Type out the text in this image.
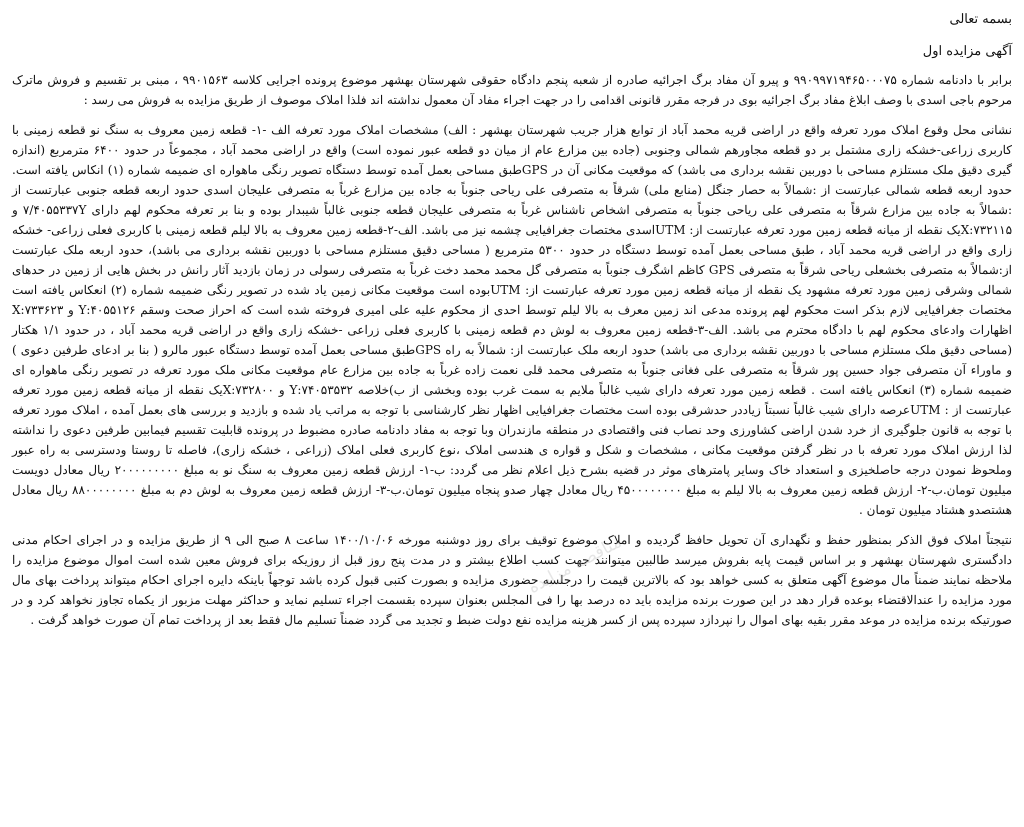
بسمه تعالی
آگهی مزایده اول

برابر با دادنامه شماره ۹۹۰۹۹۷۱۹۴۶۵۰۰۰۷۵ و پیرو آن مفاد برگ اجرائیه صادره از شعبه پنجم دادگاه حقوقی شهرستان بهشهر موضوع پرونده اجرایی کلاسه ۹۹۰۱۵۶۳ ، مبنی بر تقسیم و فروش ماترک مرحوم باجی اسدی با وصف ابلاغ مفاد برگ اجرائیه بوی در فرجه مقرر قانونی اقدامی را در جهت اجراء مفاد آن معمول نداشته اند فلذا املاک موصوف از طریق مزایده به فروش می رسد :

نشانی محل وقوع املاک مورد تعرفه واقع در اراضی قریه محمد آباد از توابع هزار جریب شهرستان بهشهر : الف) مشخصات املاک مورد تعرفه الف -۱- قطعه زمین معروف به سنگ نو قطعه زمینی با کاربری زراعی-خشکه زاری مشتمل بر دو قطعه مجاورهم شمالی وجنوبی (جاده بین مزارع عام از میان دو قطعه عبور نموده است) واقع در اراضی محمد آباد ، مجموعاً در حدود ۶۴۰۰ مترمربع (اندازه گیری دقیق ملک مستلزم مساحی با دوربین نقشه برداری می باشد) که موقعیت مکانی آن در GPSطبق مساحی بعمل آمده توسط دستگاه تصویر رنگی ماهواره ای ضمیمه شماره (۱) انکاس یافته است. حدود اربعه قطعه شمالی عبارتست از :شمالاً به حصار جنگل (منابع ملی) شرقاً به متصرفی علی ریاحی جنوباً به جاده بین مزارع غرباً به متصرفی علیجان اسدی حدود اربعه قطعه جنوبی عبارتست از :شمالاً به جاده بین مزارع شرقاً به متصرفی علی ریاحی جنوباً به متصرفی اشخاص ناشناس غرباً به متصرفی علیجان قطعه جنوبی غالباً شیبدار بوده و بنا بر تعرفه محکوم لهم دارای ۷/۴۰۵۵۳۳۷Y و X:۷۳۲۱۱۵یک نقطه از میانه قطعه زمین مورد تعرفه عبارتست از: UTMاسدی مختصات جغرافیایی چشمه نیز می باشد. الف-۲-قطعه زمین معروف به بالا لیلم قطعه زمینی با کاربری فعلی زراعی- خشکه زاری واقع در اراضی قریه محمد آباد ، طبق مساحی بعمل آمده توسط دستگاه در حدود ۵۳۰۰ مترمربع ( مساحی دقیق مستلزم مساحی با دوربین نقشه برداری می باشد)، حدود اربعه ملک عبارتست از:شمالاً به متصرفی بخشعلی ریاحی شرقاً به متصرفی GPS کاظم اشگرف جنوباً به متصرفی گل محمد محمد دخت غرباً به متصرفی رسولی در زمان بازدید آثار رانش در بخش هایی از زمین در حدهای شمالی وشرقی زمین مورد تعرفه مشهود یک نقطه از میانه قطعه زمین مورد تعرفه عبارتست از: UTMبوده است موقعیت مکانی زمین یاد شده در تصویر رنگی ضمیمه شماره (۲) انعکاس یافته است مختصات جغرافیایی لازم بذکر است محکوم لهم پرونده مدعی اند زمین معرف به بالا لیلم توسط احدی از محکوم علیه علی امیری فروخته شده است که احراز صحت وسقم ۴۰۵۵۱۲۶:Y و X:۷۳۳۶۲۳ اظهارات وادعای محکوم لهم با دادگاه محترم می باشد. الف-۳-قطعه زمین معروف به لوش دم قطعه زمینی با کاربری فعلی زراعی -خشکه زاری واقع در اراضی قریه محمد آباد ، در حدود ۱/۱ هکتار (مساحی دقیق ملک مستلزم مساحی با دوربین نقشه برداری می باشد) حدود اربعه ملک عبارتست از: شمالاً به راه GPSطبق مساحی بعمل آمده توسط دستگاه عبور مالرو ( بنا بر ادعای طرفین دعوی ) و ماوراء آن متصرفی جواد حسین پور شرقاً به متصرفی علی فغانی جنوباً به متصرفی محمد قلی نعمت زاده غرباً به جاده بین مزارع عام موقعیت مکانی ملک مورد تعرفه در تصویر رنگی ماهواره ای ضمیمه شماره (۳) انعکاس یافته است . قطعه زمین مورد تعرفه دارای شیب غالباً ملایم به سمت غرب بوده وبخشی از ب)خلاصه ۷۴۰۵۳۵۳۲:Y و X:۷۳۲۸۰۰یک نقطه از میانه قطعه زمین مورد تعرفه عبارتست از : UTMعرصه دارای شیب غالباً نسبتاً زیاددر حدشرقی بوده است مختصات جغرافیایی اظهار نظر کارشناسی با توجه به مراتب یاد شده و بازدید و بررسی های بعمل آمده ، املاک مورد تعرفه با توجه به قانون جلوگیری از خرد شدن اراضی کشاورزی وحد نصاب فنی واقتصادی در منطقه مازندران وبا توجه به مفاد دادنامه صادره مضبوط در پرونده قابلیت تقسیم فیمابین طرفین دعوی را نداشته لذا ارزش املاک مورد تعرفه با در نظر گرفتن موقعیت مکانی ، مشخصات و شکل و قواره ی هندسی املاک ،نوع کاربری فعلی املاک (زراعی ، خشکه زاری)، فاصله تا روستا ودسترسی به راه عبور وملحوظ نمودن درجه حاصلخیزی و استعداد خاک وسایر پامترهای موثر در قضیه بشرح ذیل اعلام نظر می گردد: ب-۱- ارزش قطعه زمین معروف به سنگ نو به مبلغ ۲۰۰۰۰۰۰۰۰۰ ریال معادل دویست میلیون تومان.ب-۲- ارزش قطعه زمین معروف به بالا لیلم به مبلغ ۴۵۰۰۰۰۰۰۰۰ ریال معادل چهار صدو پنجاه میلیون تومان.ب-۳- ارزش قطعه زمین معروف به لوش دم به مبلغ ۸۸۰۰۰۰۰۰۰۰ ریال معادل هشتصدو هشتاد میلیون تومان .

نتیجتاً املاک فوق الذکر بمنظور حفظ و نگهداری آن تحویل حافظ گردیده و املاک موضوع توقیف برای روز دوشنبه مورخه ۱۴۰۰/۱۰/۰۶ ساعت ۸ صبح الی ۹ از طریق مزایده و در اجرای احکام مدنی دادگستری شهرستان بهشهر و بر اساس قیمت پایه بفروش میرسد طالبین میتوانند جهت کسب اطلاع بیشتر و در مدت پنج روز قبل از روزیکه برای فروش معین شده است اموال موضوع مزایده را ملاحظه نمایند ضمناً مال موضوع آگهی متعلق به کسی خواهد بود که بالاترین قیمت را درجلسه حضوری مزایده و بصورت کتبی قبول کرده باشد توجهاً باینکه دایره اجرای احکام میتواند پرداخت بهای مال مورد مزایده را عندالاقتضاء بوعده قرار دهد در این صورت برنده مزایده باید ده درصد بها را فی المجلس بعنوان سپرده بقسمت اجراء تسلیم نماید و حداکثر مهلت مزبور از یکماه تجاوز نخواهد کرد و در صورتیکه برنده مزایده در موعد مقرر بقیه بهای اموال را نپردازد سپرده پس از کسر هزینه مزایده نفع دولت ضبط و تجدید می گردد ضمناً تسلیم مال فقط بعد از پرداخت تمام آن صورت خواهد گرفت .

مناقصه مزایده
